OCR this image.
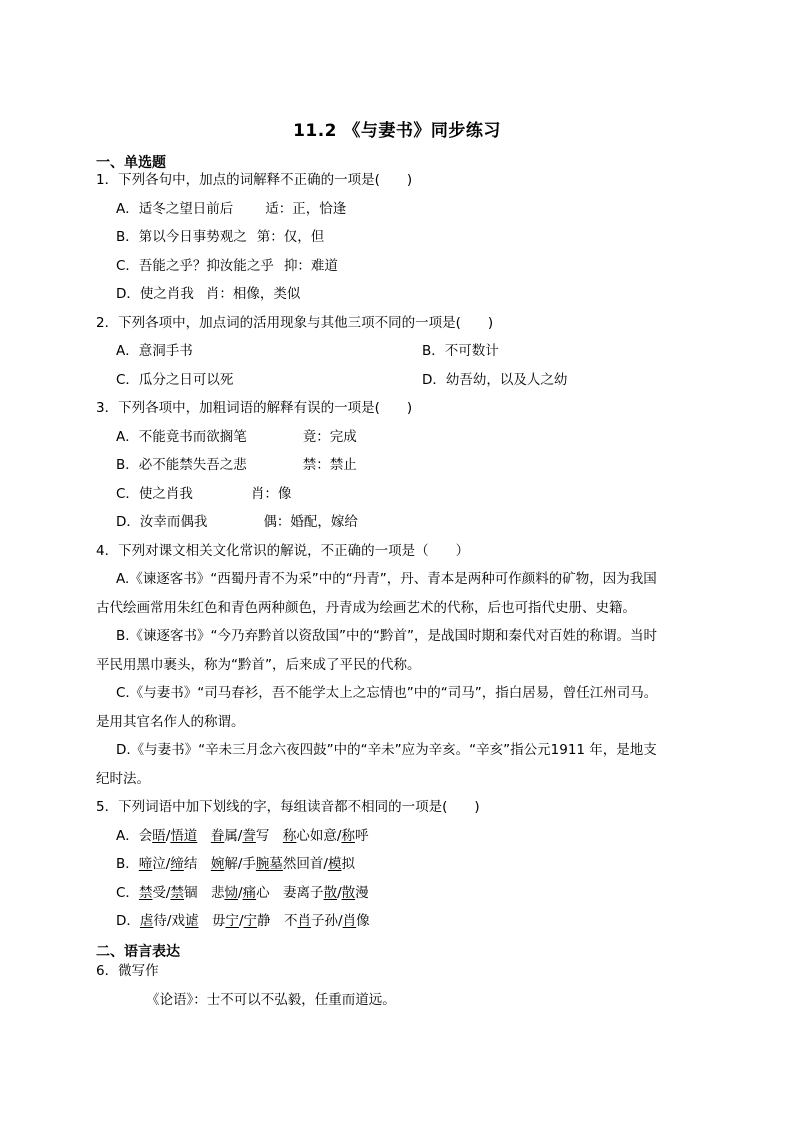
11.2 《与妻书》同步练习
一、单选题
1．下列各句中，加点的词解释不正确的一项是(　　)
A．适冬之望日前后 适：正，恰逢
B．第以今日事势观之 第：仅，但
C．吾能之乎？抑汝能之乎 抑：难道
D．使之肖我 肖：相像，类似
2．下列各项中，加点词的活用现象与其他三项不同的一项是(　　)
A．意洞手书	B．不可数计
C．瓜分之日可以死	D．幼吾幼，以及人之幼
3．下列各项中，加粗词语的解释有误的一项是(　　)
A．不能竟书而欲搁笔	竟：完成
B．必不能禁失吾之悲	禁：禁止
C．使之肖我	肖：像
D．汝幸而偶我	偶：婚配，嫁给
4．下列对课文相关文化常识的解说，不正确的一项是（　　）
A.《谏逐客书》“西蜀丹青不为采”中的“丹青”，丹、青本是两种可作颜料的矿物，因为我国
古代绘画常用朱红色和青色两种颜色，丹青成为绘画艺术的代称，后也可指代史册、史籍。
B.《谏逐客书》“今乃弃黔首以资敌国”中的“黔首”，是战国时期和秦代对百姓的称谓。当时
平民用黑巾裹头，称为“黔首”，后来成了平民的代称。
C.《与妻书》“司马春衫，吾不能学太上之忘情也”中的“司马”，指白居易，曾任江州司马。
是用其官名作人的称谓。
D.《与妻书》“辛未三月念六夜四鼓”中的“辛未”应为辛亥。“辛亥”指公元1911 年，是地支
纪时法。
5．下列词语中加下划线的字，每组读音都不相同的一项是(　　)
A．会晤/悟道　 眷属/誊写　称心如意/称呼
B．啼泣/缔结　婉解/手腕墓然回首/模拟
C．禁受/禁锢　悲恸/痛心　妻离子散/散漫
D．虐待/戏谑　毋宁/宁静　不肖子孙/肖像
二、语言表达
6．微写作
《论语》：士不可以不弘毅，任重而道远。
